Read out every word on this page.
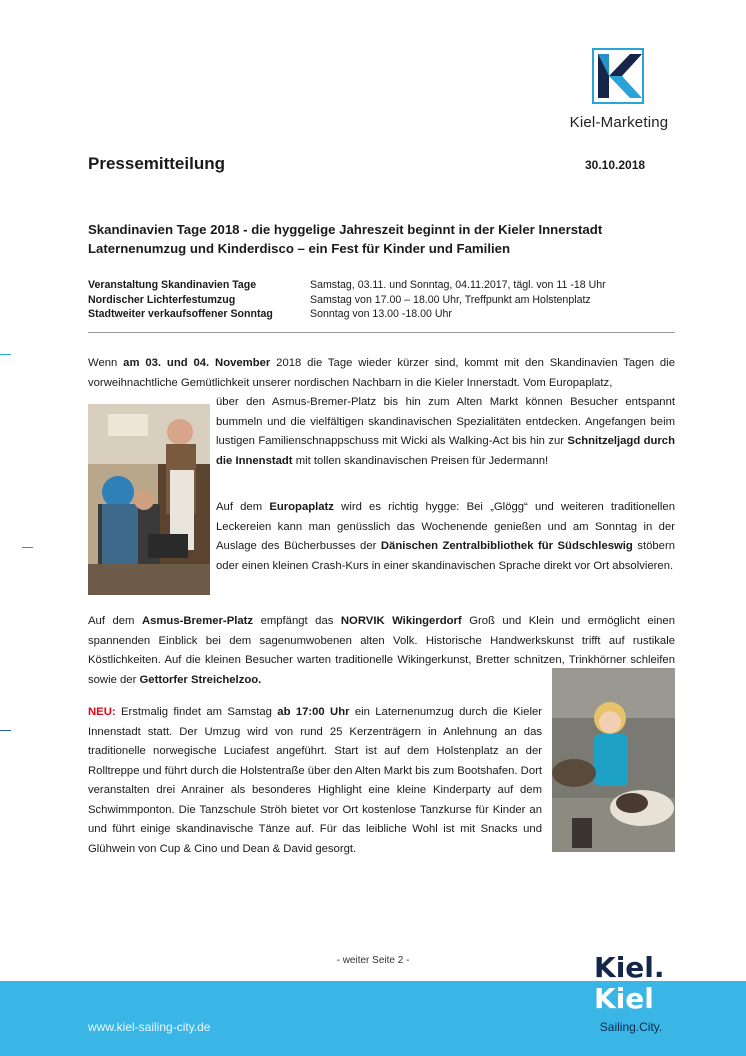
Kiel-Marketing
Pressemitteilung	30.10.2018
Skandinavien Tage 2018 - die hyggelige Jahreszeit beginnt in der Kieler Innerstadt
Laternenumzug und Kinderdisco – ein Fest für Kinder und Familien
Veranstaltung Skandinavien Tage	Samstag, 03.11. und Sonntag, 04.11.2017, tägl. von 11 -18 Uhr
Nordischer Lichterfestumzug	Samstag von 17.00 – 18.00 Uhr, Treffpunkt am Holstenplatz
Stadtweiter verkaufsoffener Sonntag	Sonntag von 13.00 -18.00 Uhr
Wenn am 03. und 04. November 2018 die Tage wieder kürzer sind, kommt mit den Skandinavien Tagen die vorweihnachtliche Gemütlichkeit unserer nordischen Nachbarn in die Kieler Innerstadt. Vom Europaplatz,
über den Asmus-Bremer-Platz bis hin zum Alten Markt können Besucher entspannt bummeln und die vielfältigen skandinavischen Spezialitäten entdecken. Angefangen beim lustigen Familienschnappschuss mit Wicki als Walking-Act bis hin zur Schnitzeljagd durch die Innenstadt mit tollen skandinavischen Preisen für Jedermann!
Auf dem Europaplatz wird es richtig hygge: Bei „Glögg“ und weiteren traditionellen Leckereien kann man genüsslich das Wochenende genießen und am Sonntag in der Auslage des Bücherbusses der Dänischen Zentralbibliothek für Südschleswig stöbern oder einen kleinen Crash-Kurs in einer skandinavischen Sprache direkt vor Ort absolvieren.
Auf dem Asmus-Bremer-Platz empfängt das NORVIK Wikingerdorf Groß und Klein und ermöglicht einen spannenden Einblick bei dem sagenumwobenen alten Volk. Historische Handwerkskunst trifft auf rustikale Köstlichkeiten. Auf die kleinen Besucher warten traditionelle Wikingerkunst, Bretter schnitzen, Trinkhörner schleifen sowie der Gettorfer Streichelzoo.
NEU: Erstmalig findet am Samstag ab 17:00 Uhr ein Laternenumzug durch die Kieler Innenstadt statt. Der Umzug wird von rund 25 Kerzenträgern in Anlehnung an das traditionelle norwegische Luciafest angeführt. Start ist auf dem Holstenplatz an der Rolltreppe und führt durch die Holstentraße über den Alten Markt bis zum Bootshafen. Dort veranstalten drei Anrainer als besonderes Highlight eine kleine Kinderparty auf dem Schwimmponton. Die Tanzschule Ströh bietet vor Ort kostenlose Tanzkurse für Kinder an und führt einige skandinavische Tänze auf. Für das leibliche Wohl ist mit Snacks und Glühwein von Cup & Cino und Dean & David gesorgt.
- weiter Seite 2 -
www.kiel-sailing-city.de
Kiel.
Kiel
Sailing.City.
